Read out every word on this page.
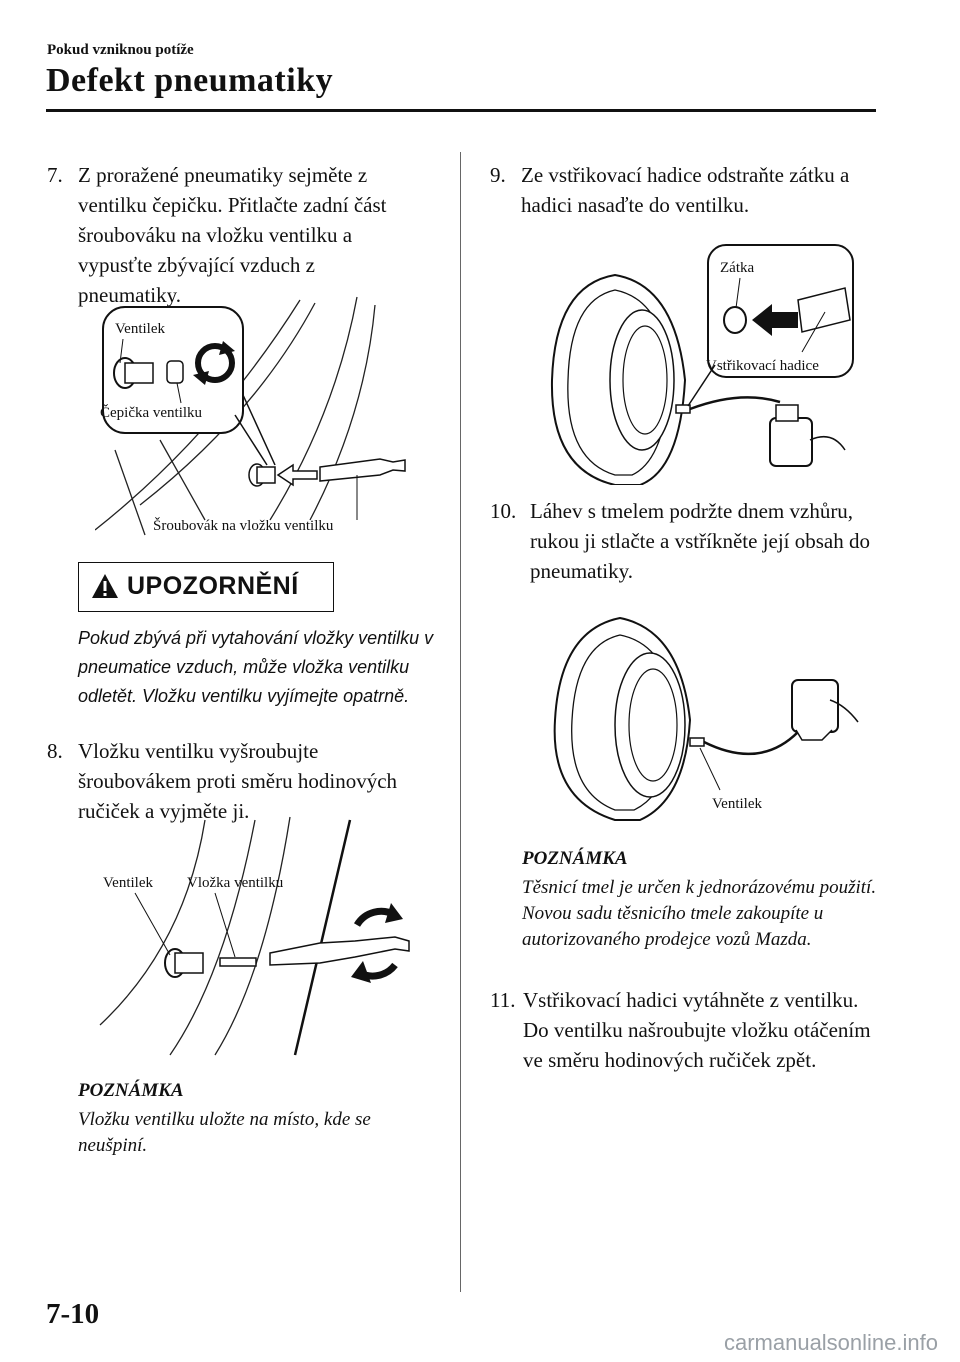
Pokud vzniknou potíže
Defekt pneumatiky
7. Z proražené pneumatiky sejměte z ventilku čepičku. Přitlačte zadní část šroubováku na vložku ventilku a vypusťte zbývající vzduch z pneumatiky.
Ventilek
Čepička ventilku
Šroubovák na vložku ventilku
UPOZORNĚNÍ
Pokud zbývá při vytahování vložky ventilku v pneumatice vzduch, může vložka ventilku odletět. Vložku ventilku vyjímejte opatrně.
8. Vložku ventilku vyšroubujte šroubovákem proti směru hodinových ručiček a vyjměte ji.
Ventilek Vložka ventilku
POZNÁMKA
Vložku ventilku uložte na místo, kde se neušpiní.
9. Ze vstřikovací hadice odstraňte zátku a hadici nasaďte do ventilku.
Zátka
Vstřikovací hadice
10. Láhev s tmelem podržte dnem vzhůru, rukou ji stlačte a vstříkněte její obsah do pneumatiky.
Ventilek
POZNÁMKA
Těsnicí tmel je určen k jednorázovému použití. Novou sadu těsnicího tmele zakoupíte u autorizovaného prodejce vozů Mazda.
11. Vstřikovací hadici vytáhněte z ventilku. Do ventilku našroubujte vložku otáčením ve směru hodinových ručiček zpět.
7-10
carmanualsonline.info
